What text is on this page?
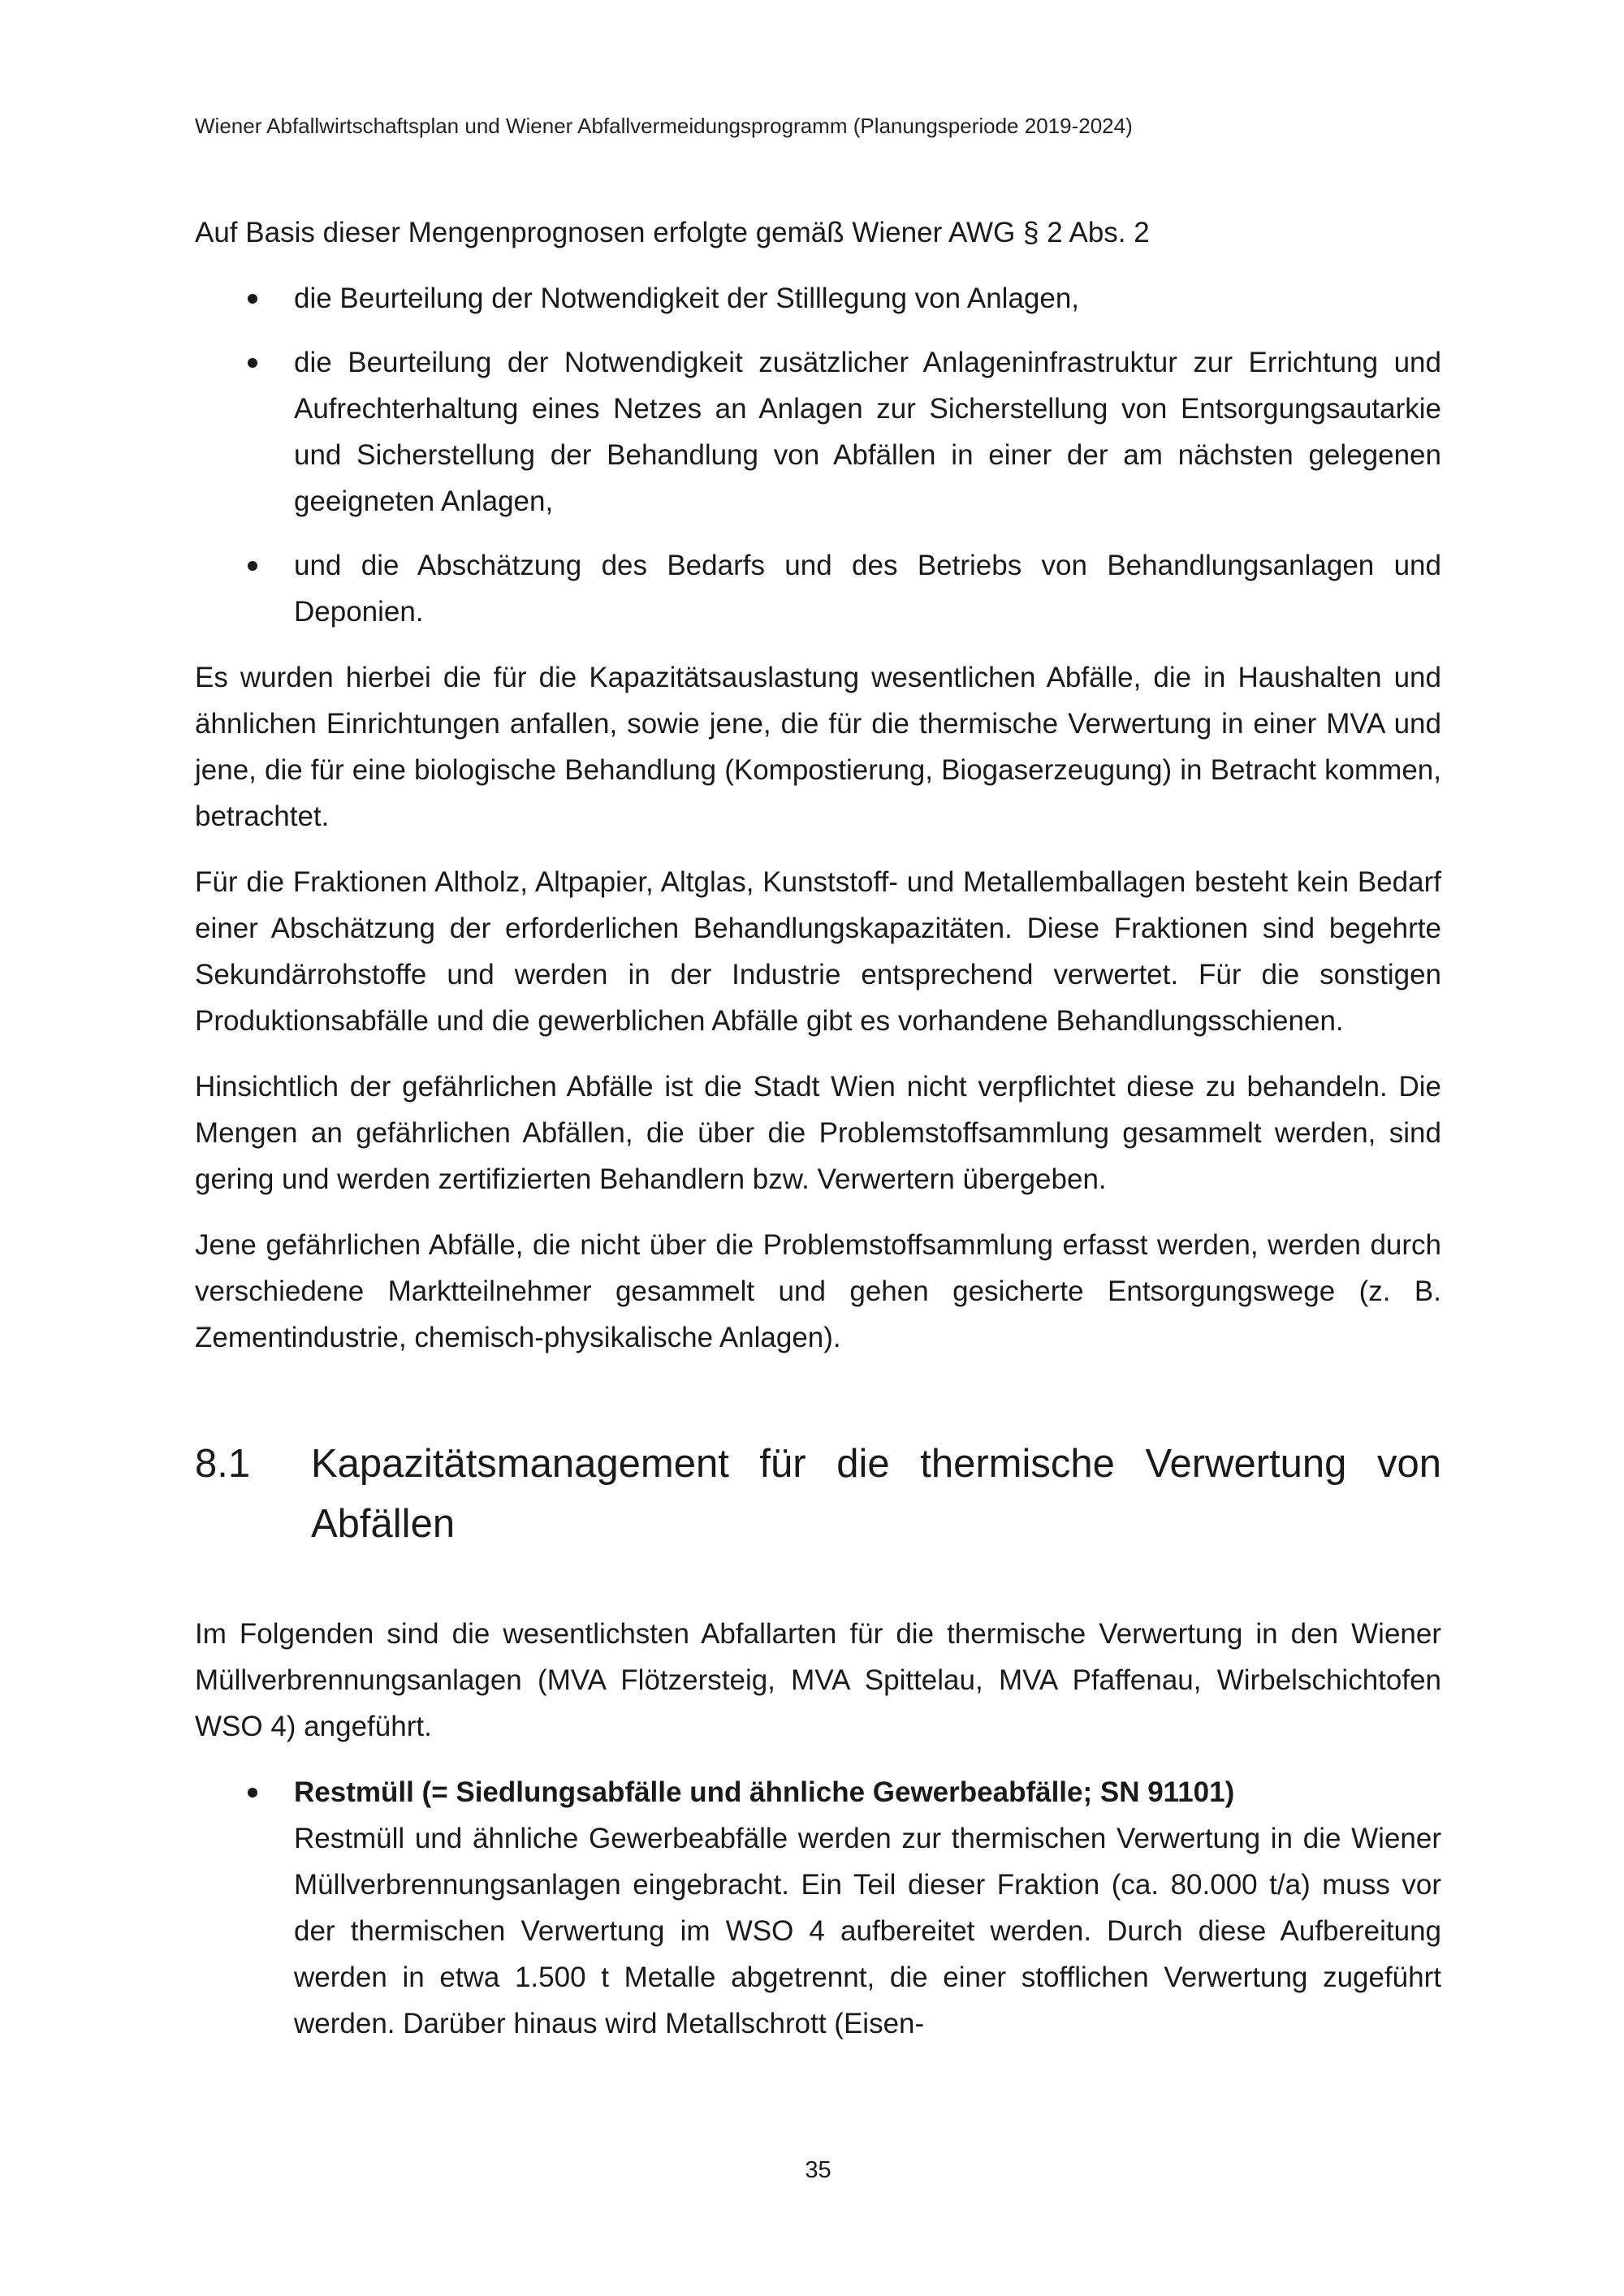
Wiener Abfallwirtschaftsplan und Wiener Abfallvermeidungsprogramm (Planungsperiode 2019-2024)

Auf Basis dieser Mengenprognosen erfolgte gemäß Wiener AWG § 2 Abs. 2

die Beurteilung der Notwendigkeit der Stilllegung von Anlagen,
die Beurteilung der Notwendigkeit zusätzlicher Anlageninfrastruktur zur Errichtung und Aufrechterhaltung eines Netzes an Anlagen zur Sicherstellung von Entsorgungsautarkie und Sicherstellung der Behandlung von Abfällen in einer der am nächsten gelegenen geeigneten Anlagen,
und die Abschätzung des Bedarfs und des Betriebs von Behandlungsanlagen und Deponien.

Es wurden hierbei die für die Kapazitätsauslastung wesentlichen Abfälle, die in Haushalten und ähnlichen Einrichtungen anfallen, sowie jene, die für die thermische Verwertung in einer MVA und jene, die für eine biologische Behandlung (Kompostierung, Biogaserzeugung) in Betracht kommen, betrachtet.

Für die Fraktionen Altholz, Altpapier, Altglas, Kunststoff- und Metallemballagen besteht kein Bedarf einer Abschätzung der erforderlichen Behandlungskapazitäten. Diese Fraktionen sind begehrte Sekundärrohstoffe und werden in der Industrie entsprechend verwertet. Für die sonstigen Produktionsabfälle und die gewerblichen Abfälle gibt es vorhandene Behandlungsschienen.

Hinsichtlich der gefährlichen Abfälle ist die Stadt Wien nicht verpflichtet diese zu behandeln. Die Mengen an gefährlichen Abfällen, die über die Problemstoffsammlung gesammelt werden, sind gering und werden zertifizierten Behandlern bzw. Verwertern übergeben.

Jene gefährlichen Abfälle, die nicht über die Problemstoffsammlung erfasst werden, werden durch verschiedene Marktteilnehmer gesammelt und gehen gesicherte Entsorgungswege (z. B. Zementindustrie, chemisch-physikalische Anlagen).

8.1 Kapazitätsmanagement für die thermische Verwertung von Abfällen

Im Folgenden sind die wesentlichsten Abfallarten für die thermische Verwertung in den Wiener Müllverbrennungsanlagen (MVA Flötzersteig, MVA Spittelau, MVA Pfaffenau, Wirbelschichtofen WSO 4) angeführt.

Restmüll (= Siedlungsabfälle und ähnliche Gewerbeabfälle; SN 91101)
Restmüll und ähnliche Gewerbeabfälle werden zur thermischen Verwertung in die Wiener Müllverbrennungsanlagen eingebracht. Ein Teil dieser Fraktion (ca. 80.000 t/a) muss vor der thermischen Verwertung im WSO 4 aufbereitet werden. Durch diese Aufbereitung werden in etwa 1.500 t Metalle abgetrennt, die einer stofflichen Verwertung zugeführt werden. Darüber hinaus wird Metallschrott (Eisen-
35
